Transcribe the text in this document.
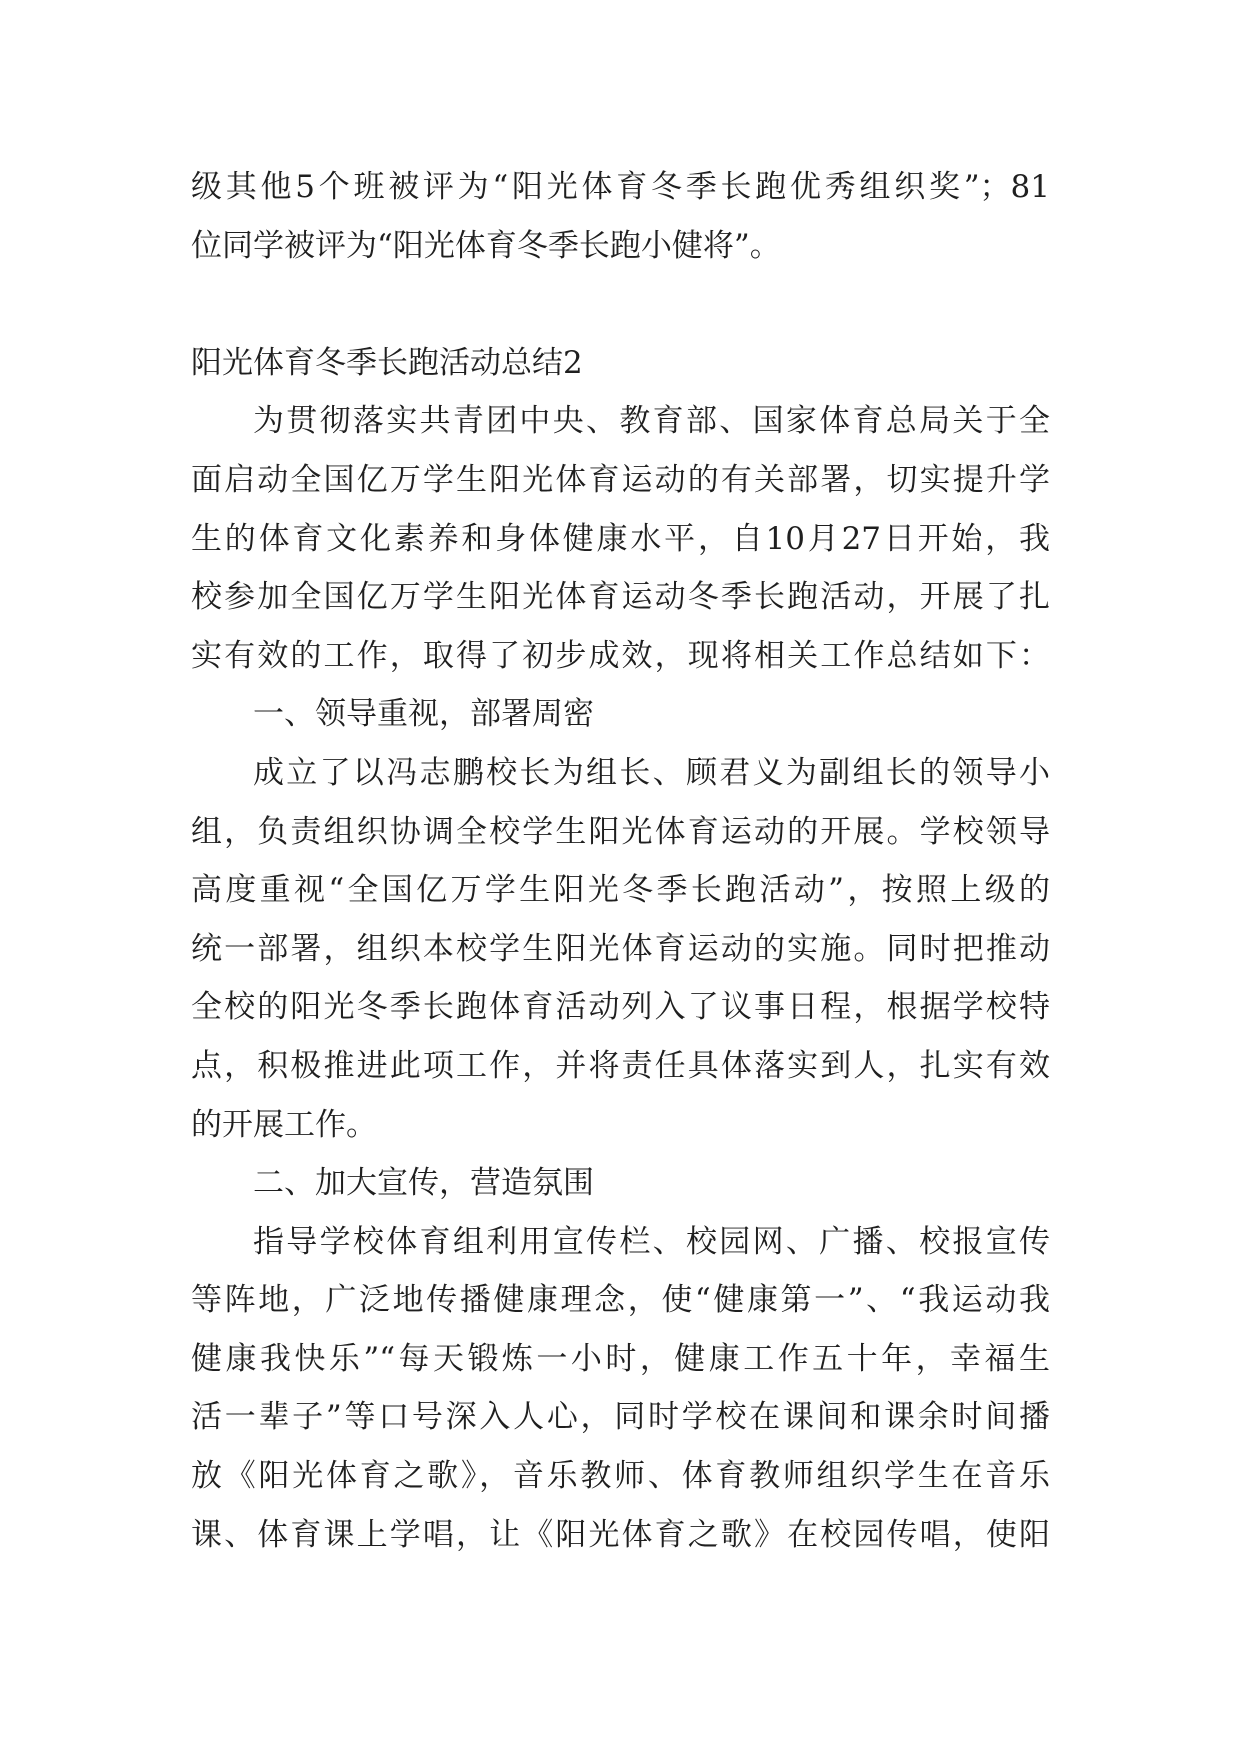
级其他5个班被评为“阳光体育冬季长跑优秀组织奖”；81
位同学被评为“阳光体育冬季长跑小健将”。
阳光体育冬季长跑活动总结2
为贯彻落实共青团中央、教育部、国家体育总局关于全
面启动全国亿万学生阳光体育运动的有关部署，切实提升学
生的体育文化素养和身体健康水平，自10月27日开始，我
校参加全国亿万学生阳光体育运动冬季长跑活动，开展了扎
实有效的工作，取得了初步成效，现将相关工作总结如下：
一、领导重视，部署周密
成立了以冯志鹏校长为组长、顾君义为副组长的领导小
组，负责组织协调全校学生阳光体育运动的开展。学校领导
高度重视“全国亿万学生阳光冬季长跑活动”，按照上级的
统一部署，组织本校学生阳光体育运动的实施。同时把推动
全校的阳光冬季长跑体育活动列入了议事日程，根据学校特
点，积极推进此项工作，并将责任具体落实到人，扎实有效
的开展工作。
二、加大宣传，营造氛围
指导学校体育组利用宣传栏、校园网、广播、校报宣传
等阵地，广泛地传播健康理念，使“健康第一”、“我运动我
健康我快乐”“每天锻炼一小时，健康工作五十年，幸福生
活一辈子”等口号深入人心，同时学校在课间和课余时间播
放《阳光体育之歌》，音乐教师、体育教师组织学生在音乐
课、体育课上学唱，让《阳光体育之歌》在校园传唱，使阳
